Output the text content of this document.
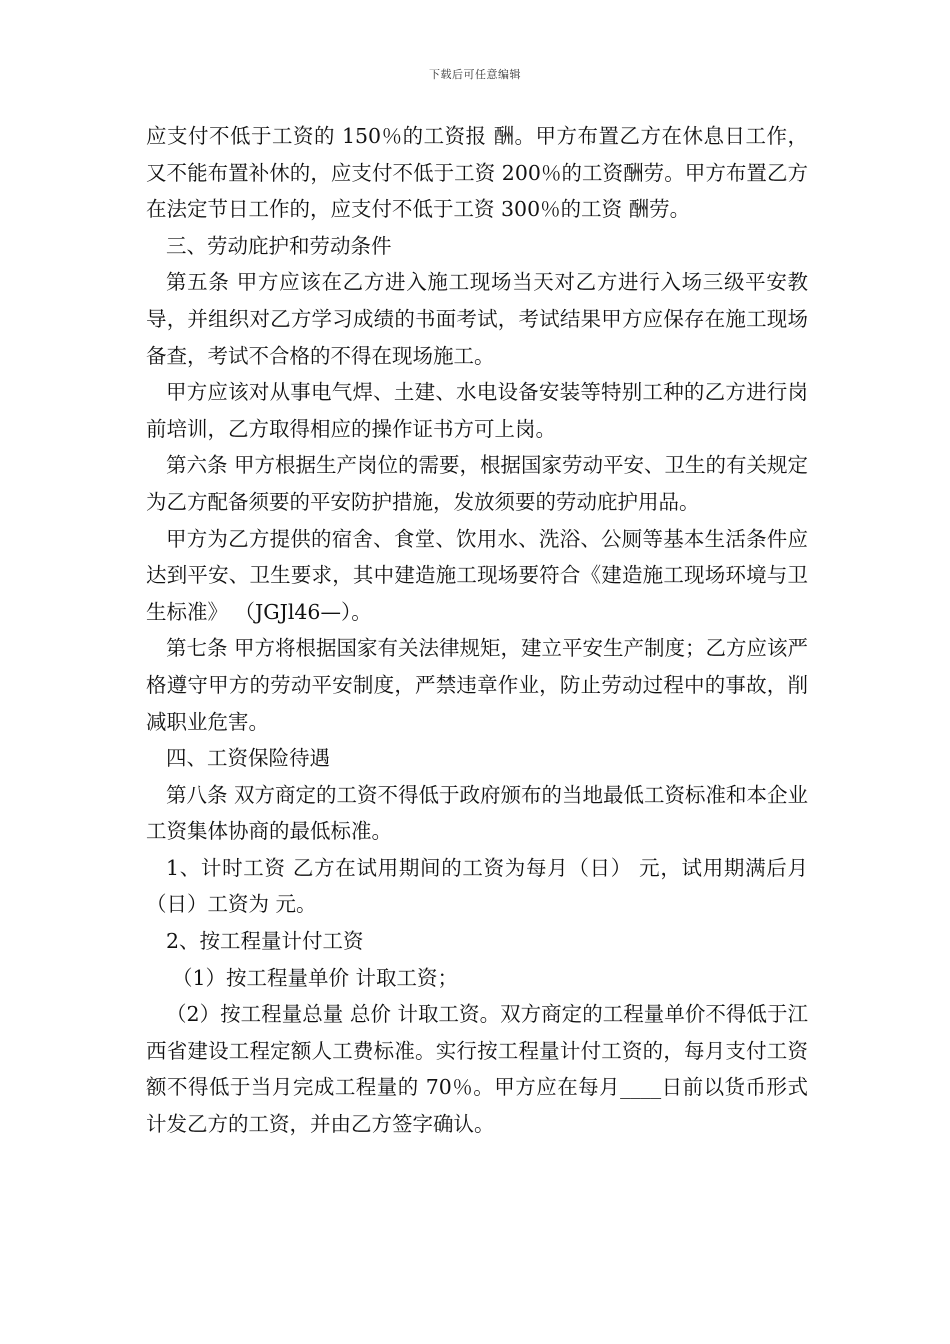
下载后可任意编辑

应支付不低于工资的 150％的工资报 酬。甲方布置乙方在休息日工作，又不能布置补休的，应支付不低于工资 200％的工资酬劳。甲方布置乙方在法定节日工作的，应支付不低于工资 300％的工资 酬劳。

三、劳动庇护和劳动条件

第五条 甲方应该在乙方进入施工现场当天对乙方进行入场三级平安教导，并组织对乙方学习成绩的书面考试，考试结果甲方应保存在施工现场备查，考试不合格的不得在现场施工。

甲方应该对从事电气焊、土建、水电设备安装等特别工种的乙方进行岗前培训，乙方取得相应的操作证书方可上岗。

第六条 甲方根据生产岗位的需要，根据国家劳动平安、卫生的有关规定为乙方配备须要的平安防护措施，发放须要的劳动庇护用品。

甲方为乙方提供的宿舍、食堂、饮用水、洗浴、公厕等基本生活条件应达到平安、卫生要求，其中建造施工现场要符合《建造施工现场环境与卫生标准》 （JGJl46—）。

第七条 甲方将根据国家有关法律规矩，建立平安生产制度；乙方应该严格遵守甲方的劳动平安制度，严禁违章作业，防止劳动过程中的事故，削减职业危害。

四、工资保险待遇

第八条 双方商定的工资不得低于政府颁布的当地最低工资标准和本企业工资集体协商的最低标准。

1、计时工资 乙方在试用期间的工资为每月（日） 元，试用期满后月（日）工资为 元。

2、按工程量计付工资

（1）按工程量单价 计取工资；

（2）按工程量总量 总价 计取工资。双方商定的工程量单价不得低于江西省建设工程定额人工费标准。实行按工程量计付工资的，每月支付工资额不得低于当月完成工程量的 70％。甲方应在每月____日前以货币形式计发乙方的工资，并由乙方签字确认。
